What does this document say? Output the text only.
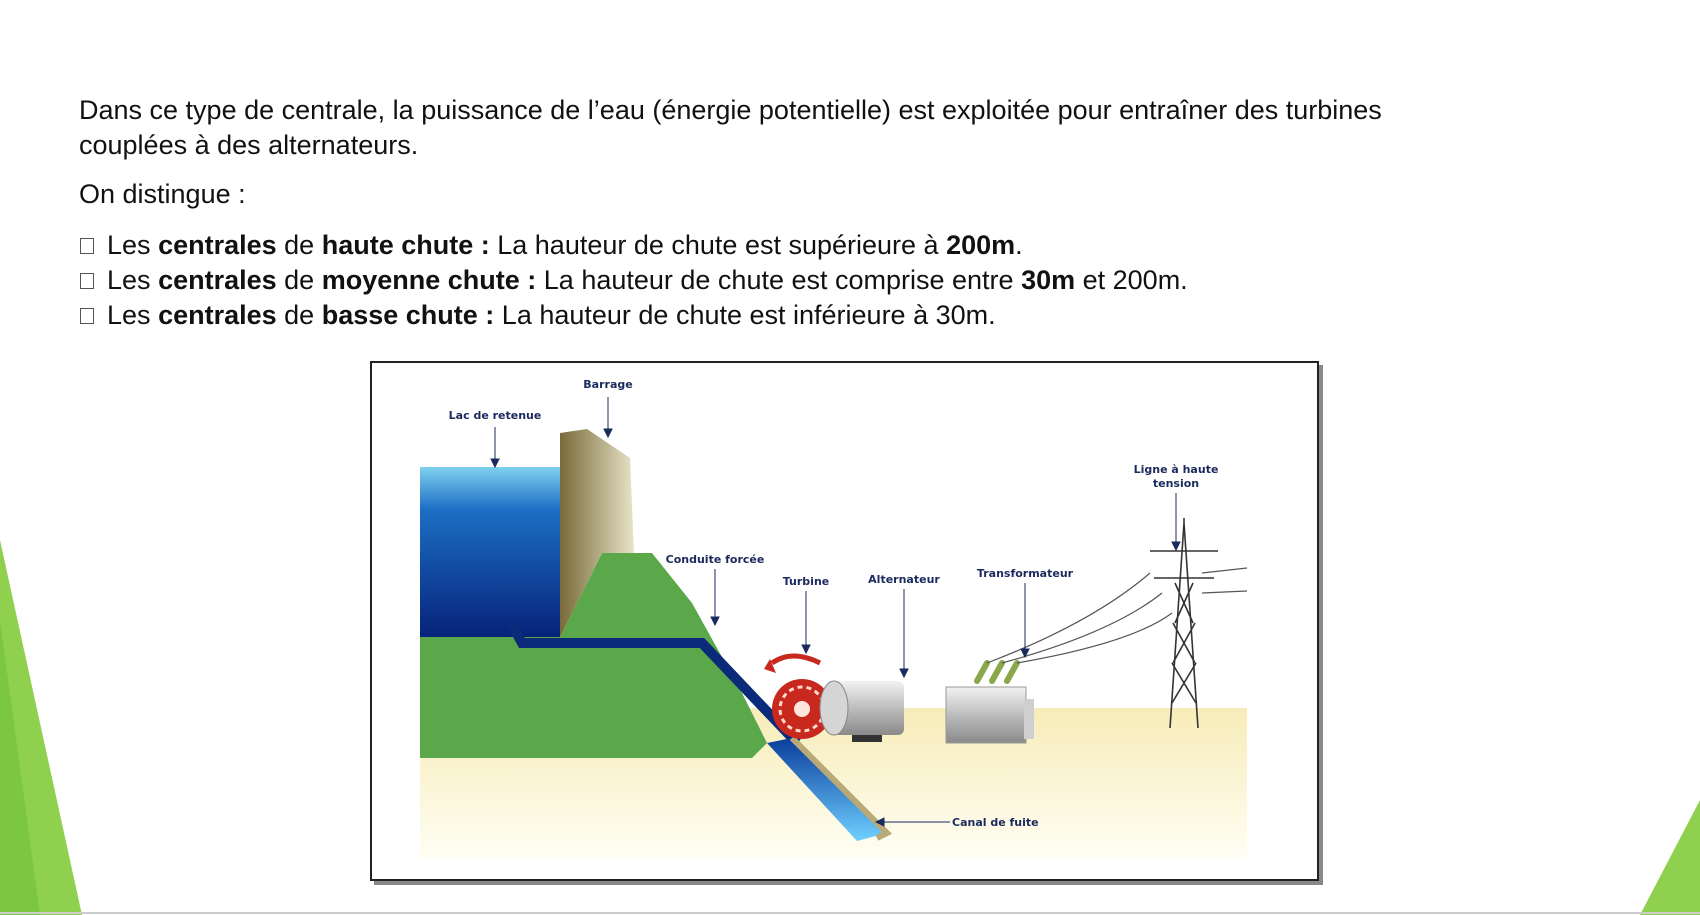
Dans ce type de centrale, la puissance de l’eau (énergie potentielle) est exploitée pour entraîner des turbines
couplées à des alternateurs.

On distingue :

Les
centrales
de
haute chute :
La hauteur de chute est supérieure à 200m .
Les
centrales
de
moyenne chute :
La hauteur de chute est comprise entre 30m et 200m.
Les
centrales
de
basse chute :
La hauteur de chute est inférieure à 30m.
Barrage
Lac de retenue
Ligne à haute
tension
Conduite forcée
Turbine	Alternateur	Transformateur
Canal de fuite
